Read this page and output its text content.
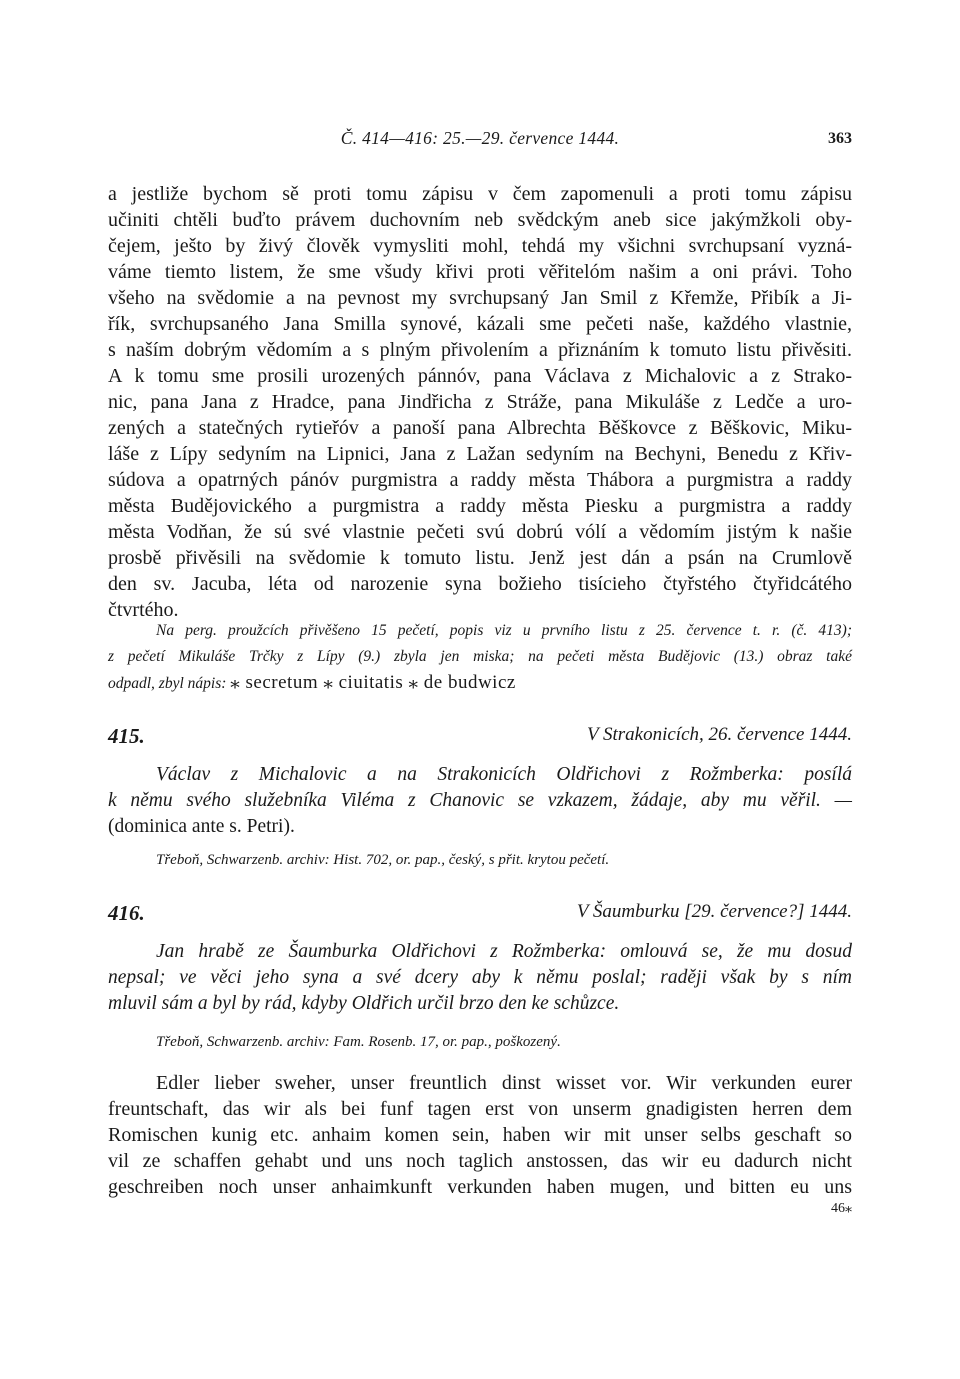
Č. 414—416: 25.—29. července 1444.	363

a jestliže bychom sě proti tomu zápisu v čem zapomenuli a proti tomu zápisu
učiniti chtěli buďto právem duchovním neb svědckým aneb sice jakýmžkoli oby-
čejem, ješto by živý člověk vymysliti mohl, tehdá my všichni svrchupsaní vyzná-
váme tiemto listem, že sme všudy křivi proti věřitelóm našim a oni právi. Toho
všeho na svědomie a na pevnost my svrchupsaný Jan Smil z Křemže, Přibík a Ji-
řík, svrchupsaného Jana Smilla synové, kázali sme pečeti naše, každého vlastnie,
s naším dobrým vědomím a s plným přivolením a přiznáním k tomuto listu přivěsiti.
A k tomu sme prosili urozených pánnóv, pana Václava z Michalovic a z Strako-
nic, pana Jana z Hradce, pana Jindřicha z Stráže, pana Mikuláše z Ledče a uro-
zených a statečných rytieřóv a panoší pana Albrechta Běškovce z Běškovic, Miku-
láše z Lípy sedyním na Lipnici, Jana z Lažan sedyním na Bechyni, Benedu z Křiv-
súdova a opatrných pánóv purgmistra a raddy města Thábora a purgmistra a raddy
města Budějovického a purgmistra a raddy města Piesku a purgmistra a raddy
města Vodňan, že sú své vlastnie pečeti svú dobrú vólí a vědomím jistým k našie
prosbě přivěsili na svědomie k tomuto listu. Jenž jest dán a psán na Crumlově
den sv. Jacuba, léta od narozenie syna božieho tisícieho čtyřstého čtyřidcátého
čtvrtého.

Na perg. proužcích přivěšeno 15 pečetí, popis viz u prvního listu z 25. července t. r. (č. 413);
z pečetí Mikuláše Trčky z Lípy (9.) zbyla jen miska; na pečeti města Budějovic (13.) obraz také
odpadl, zbyl nápis: ⁎ secretum ⁎ ciuitatis ⁎ de budwicz

415.	V Strakonicích, 26. července 1444.

Václav z Michalovic a na Strakonicích Oldřichovi z Rožmberka: posílá
k němu svého služebníka Viléma z Chanovic se vzkazem, žádaje, aby mu věřil. —
(dominica ante s. Petri).

Třeboň, Schwarzenb. archiv: Hist. 702, or. pap., český, s přit. krytou pečetí.
416.	V Šaumburku [29. července?] 1444.

Jan hrabě ze Šaumburka Oldřichovi z Rožmberka: omlouvá se, že mu dosud
nepsal; ve věci jeho syna a své dcery aby k němu poslal; raději však by s ním
mluvil sám a byl by rád, kdyby Oldřich určil brzo den ke schůzce.

Třeboň, Schwarzenb. archiv: Fam. Rosenb. 17, or. pap., poškozený.

Edler lieber sweher, unser freuntlich dinst wisset vor. Wir verkunden eurer
freuntschaft, das wir als bei funf tagen erst von unserm gnadigisten herren dem
Romischen kunig etc. anhaim komen sein, haben wir mit unser selbs geschaft so
vil ze schaffen gehabt und uns noch taglich anstossen, das wir eu dadurch nicht
geschreiben noch unser anhaimkunft verkunden haben mugen, und bitten eu uns

46⁎
